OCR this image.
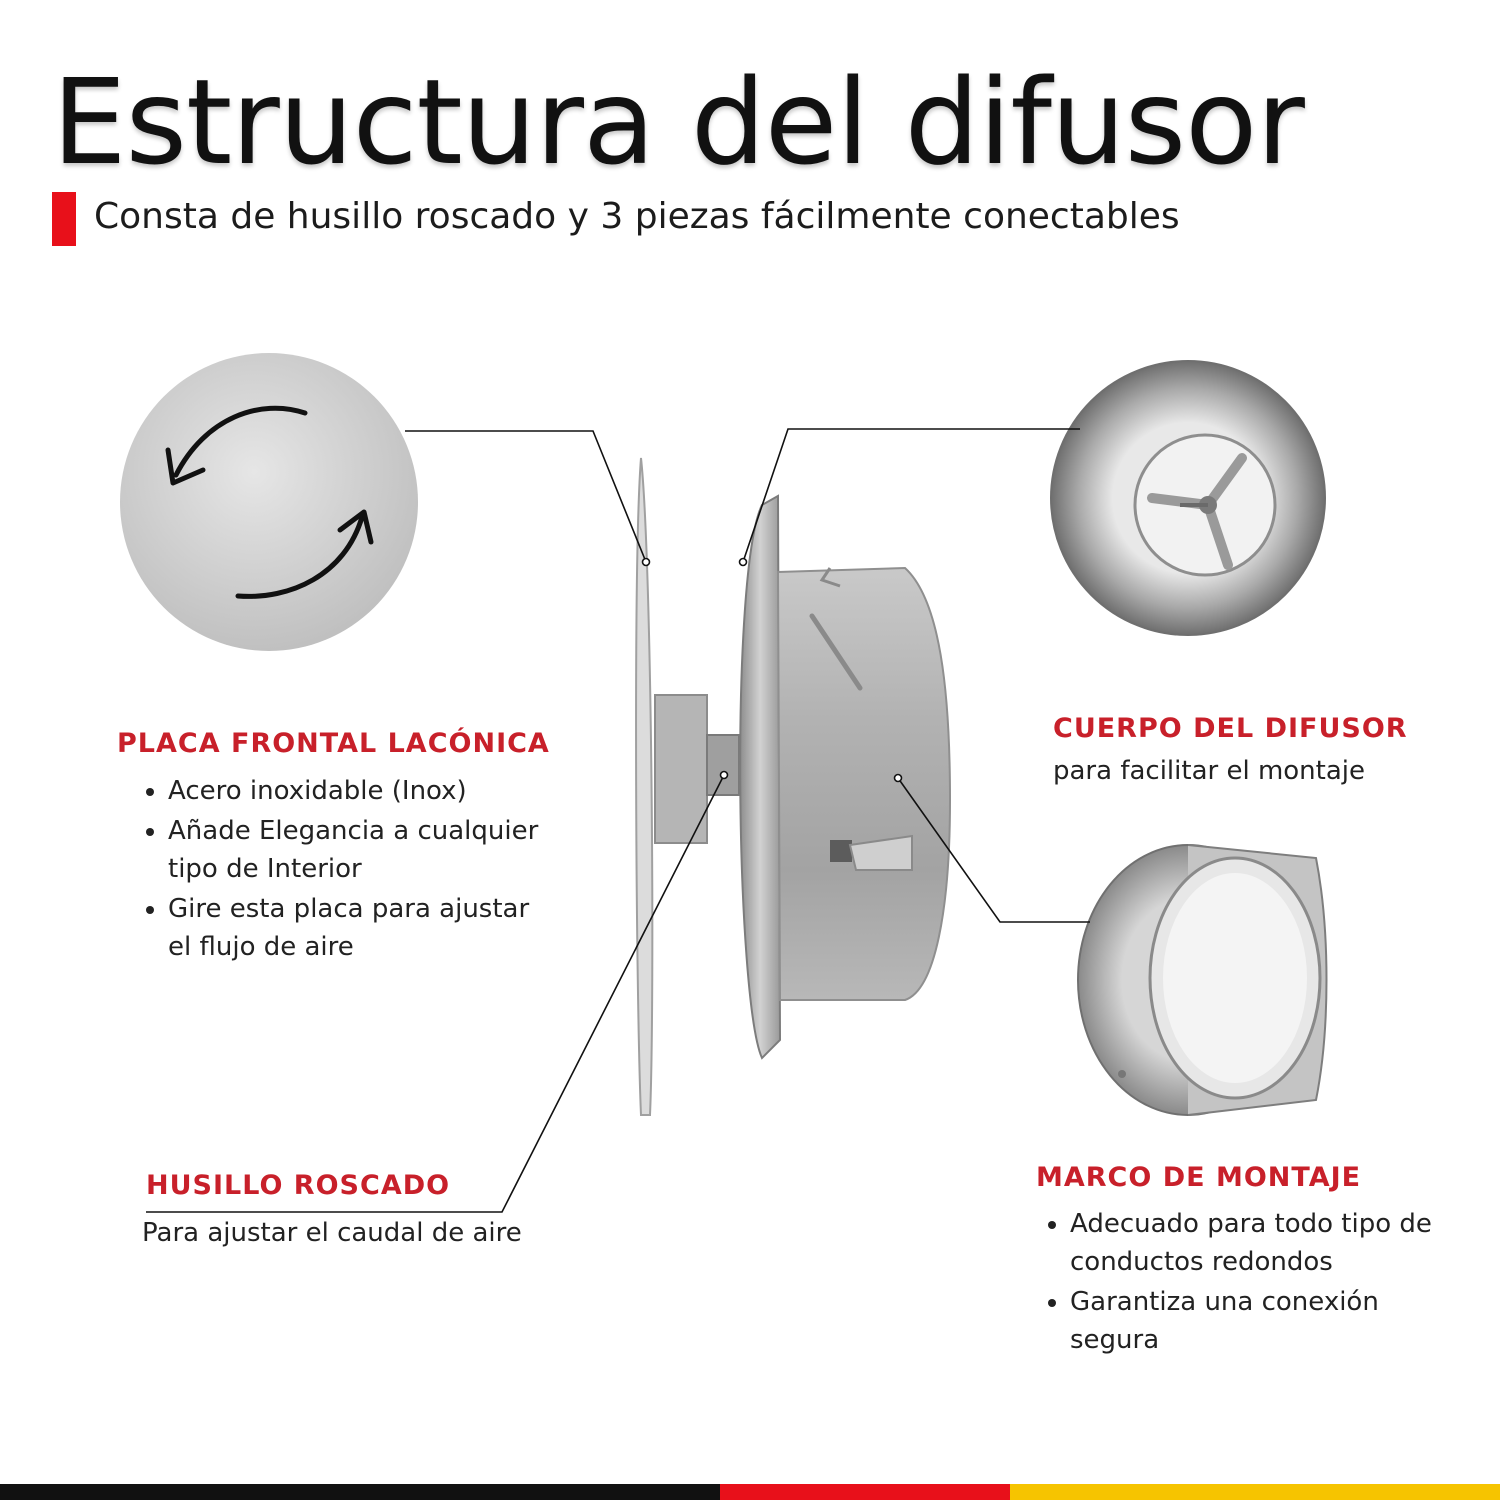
Estructura del difusor
Consta de husillo roscado y 3 piezas fácilmente conectables
PLACA FRONTAL LACÓNICA
• Acero inoxidable (Inox)
• Añade Elegancia a cualquier tipo de Interior
• Gire esta placa para ajustar el flujo de aire
HUSILLO ROSCADO
Para ajustar el caudal de aire
CUERPO DEL DIFUSOR
para facilitar el montaje
MARCO DE MONTAJE
• Adecuado para todo tipo de conductos redondos
• Garantiza una conexión segura
